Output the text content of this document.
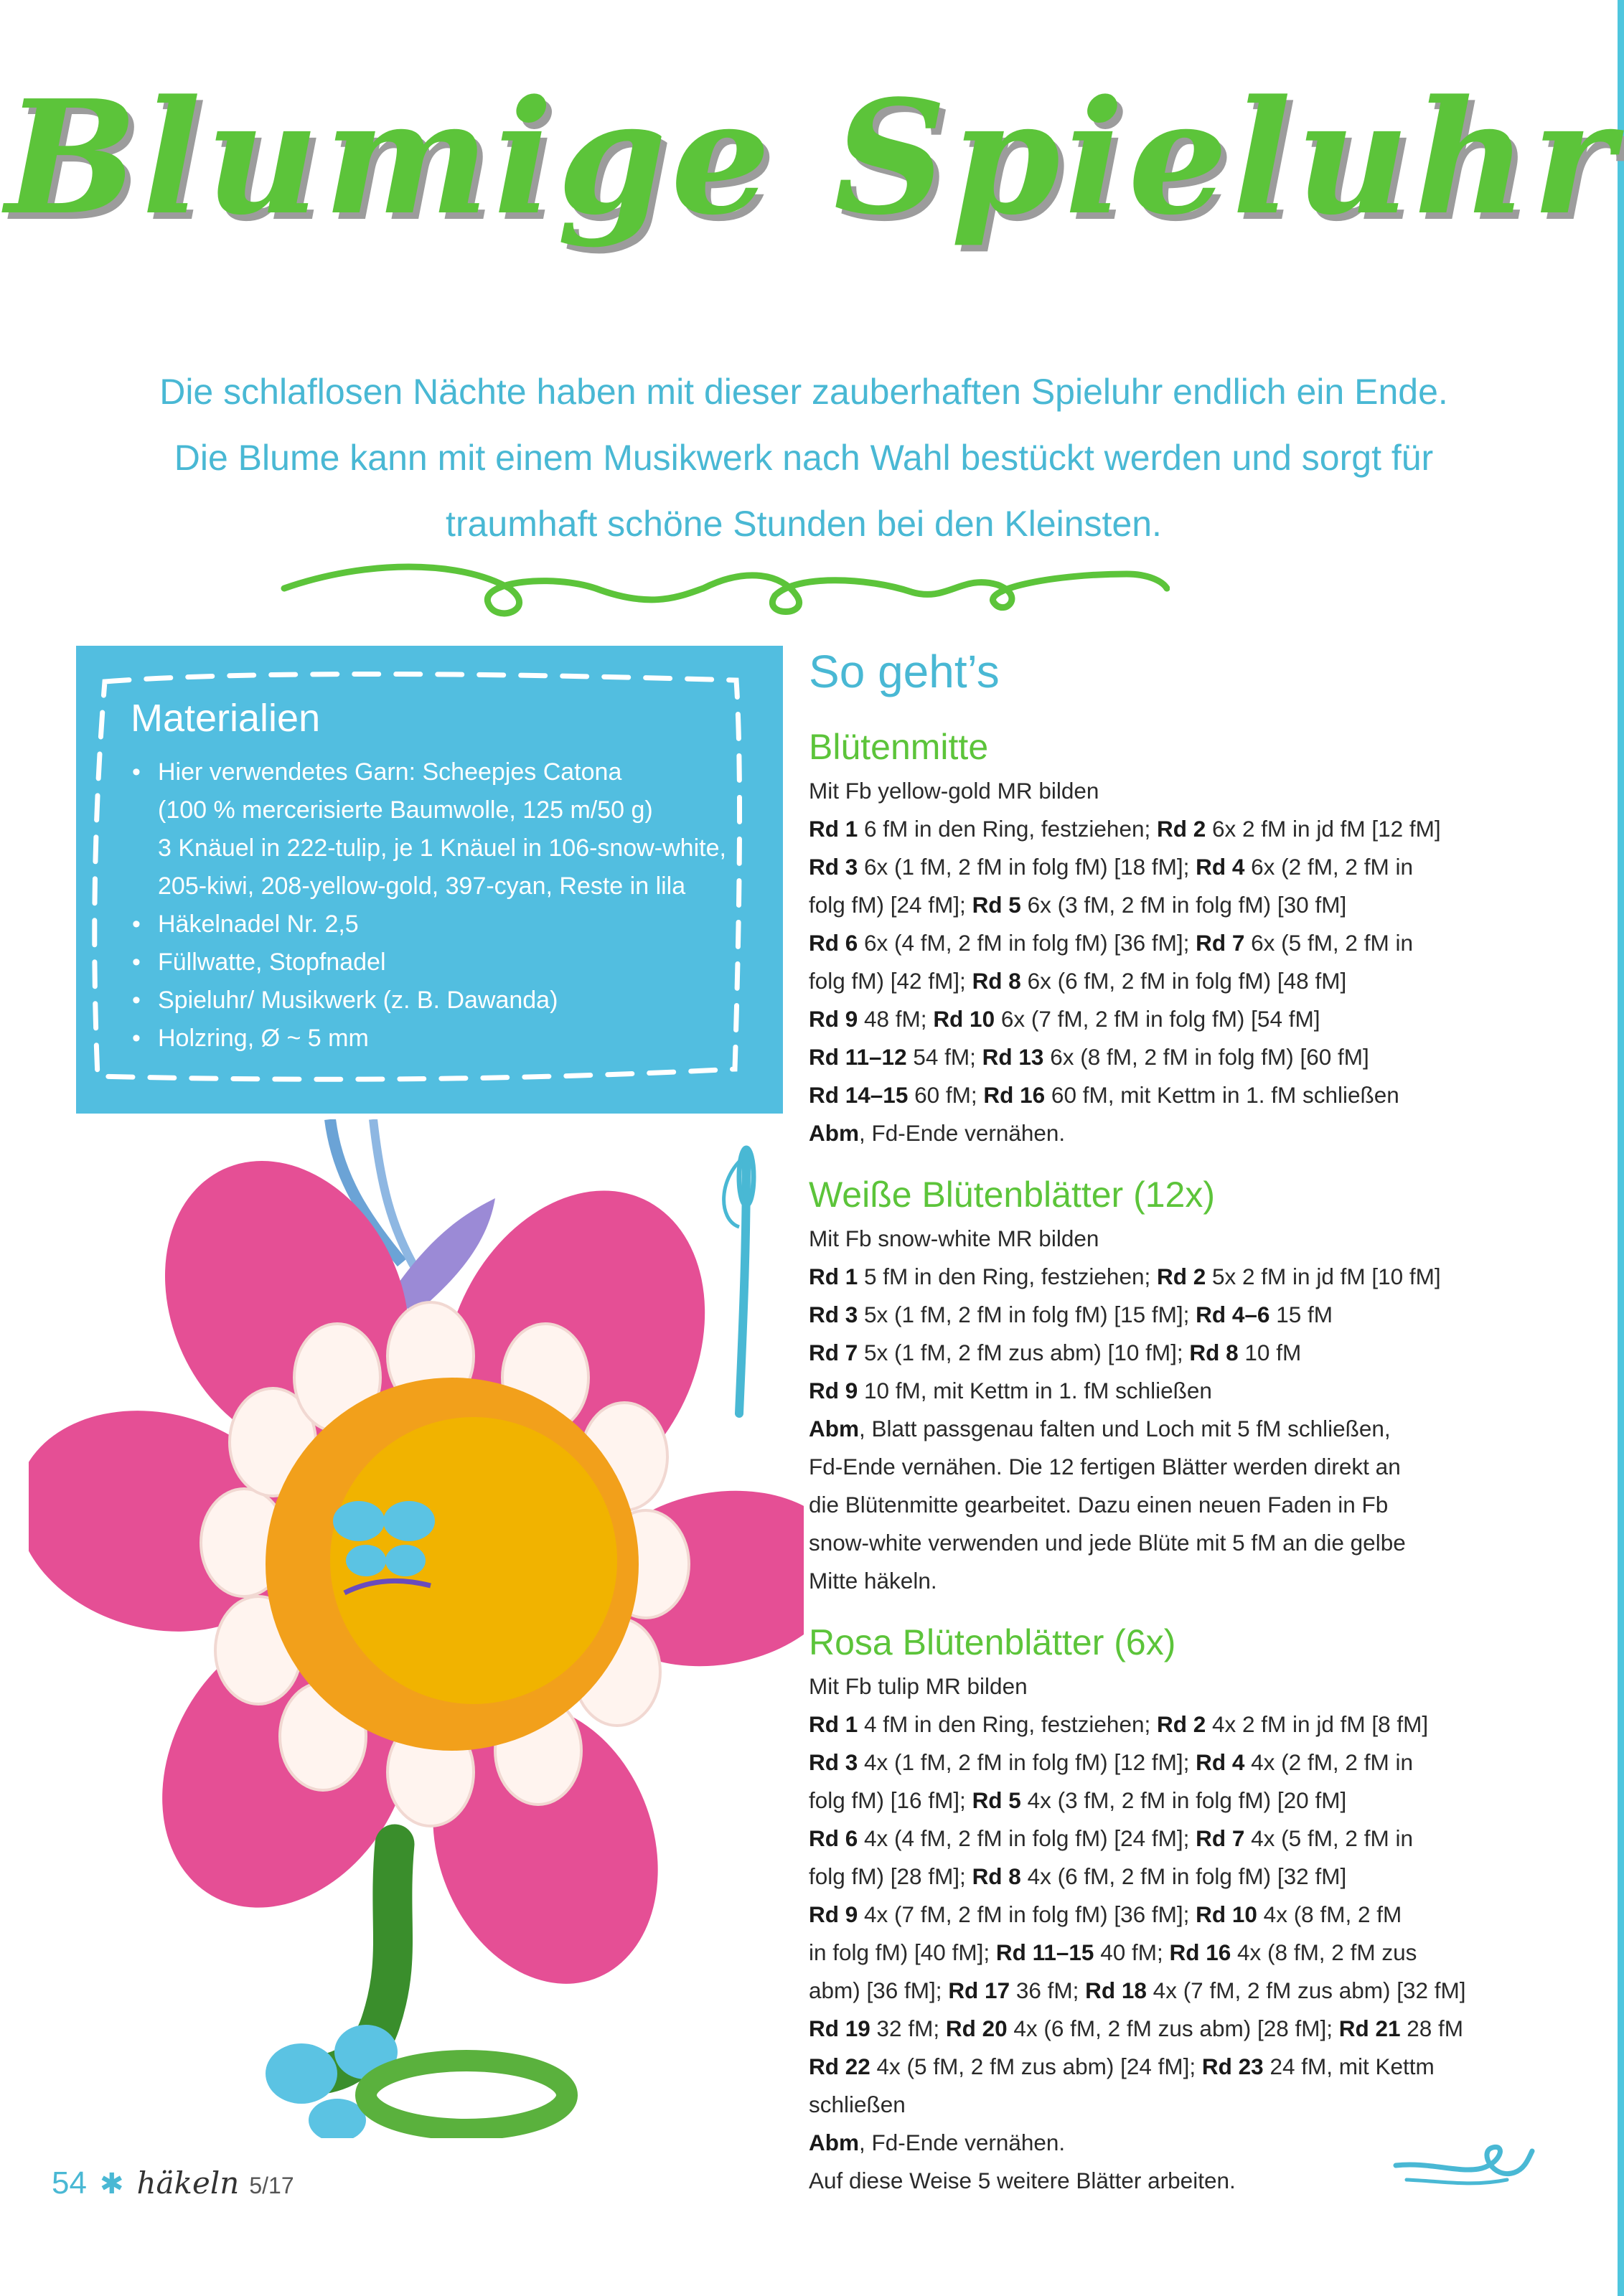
Blumige Spieluhr
Die schlaflosen Nächte haben mit dieser zauberhaften Spieluhr endlich ein Ende.
Die Blume kann mit einem Musikwerk nach Wahl bestückt werden und sorgt für
traumhaft schöne Stunden bei den Kleinsten.
Materialien
• Hier verwendetes Garn: Scheepjes Catona
(100 % mercerisierte Baumwolle, 125 m/50 g)
3 Knäuel in 222-tulip, je 1 Knäuel in 106-snow-white,
205-kiwi, 208-yellow-gold, 397-cyan, Reste in lila
• Häkelnadel Nr. 2,5
• Füllwatte, Stopfnadel
• Spieluhr/ Musikwerk (z. B. Dawanda)
• Holzring, Ø ~ 5 mm
So geht’s
Blütenmitte
Mit Fb yellow-gold MR bilden
Rd 1 6 fM in den Ring, festziehen; Rd 2 6x 2 fM in jd fM [12 fM]
Rd 3 6x (1 fM, 2 fM in folg fM) [18 fM]; Rd 4 6x (2 fM, 2 fM in
folg fM) [24 fM]; Rd 5 6x (3 fM, 2 fM in folg fM) [30 fM]
Rd 6 6x (4 fM, 2 fM in folg fM) [36 fM]; Rd 7 6x (5 fM, 2 fM in
folg fM) [42 fM]; Rd 8 6x (6 fM, 2 fM in folg fM) [48 fM]
Rd 9 48 fM; Rd 10 6x (7 fM, 2 fM in folg fM) [54 fM]
Rd 11–12 54 fM; Rd 13 6x (8 fM, 2 fM in folg fM) [60 fM]
Rd 14–15 60 fM; Rd 16 60 fM, mit Kettm in 1. fM schließen
Abm, Fd-Ende vernähen.
Weiße Blütenblätter (12x)
Mit Fb snow-white MR bilden
Rd 1 5 fM in den Ring, festziehen; Rd 2 5x 2 fM in jd fM [10 fM]
Rd 3 5x (1 fM, 2 fM in folg fM) [15 fM]; Rd 4–6 15 fM
Rd 7 5x (1 fM, 2 fM zus abm) [10 fM]; Rd 8 10 fM
Rd 9 10 fM, mit Kettm in 1. fM schließen
Abm, Blatt passgenau falten und Loch mit 5 fM schließen,
Fd-Ende vernähen. Die 12 fertigen Blätter werden direkt an
die Blütenmitte gearbeitet. Dazu einen neuen Faden in Fb
snow-white verwenden und jede Blüte mit 5 fM an die gelbe
Mitte häkeln.
Rosa Blütenblätter (6x)
Mit Fb tulip MR bilden
Rd 1 4 fM in den Ring, festziehen; Rd 2 4x 2 fM in jd fM [8 fM]
Rd 3 4x (1 fM, 2 fM in folg fM) [12 fM]; Rd 4 4x (2 fM, 2 fM in
folg fM) [16 fM]; Rd 5 4x (3 fM, 2 fM in folg fM) [20 fM]
Rd 6 4x (4 fM, 2 fM in folg fM) [24 fM]; Rd 7 4x (5 fM, 2 fM in
folg fM) [28 fM]; Rd 8 4x (6 fM, 2 fM in folg fM) [32 fM]
Rd 9 4x (7 fM, 2 fM in folg fM) [36 fM]; Rd 10 4x (8 fM, 2 fM
in folg fM) [40 fM]; Rd 11–15 40 fM; Rd 16 4x (8 fM, 2 fM zus
abm) [36 fM]; Rd 17 36 fM; Rd 18 4x (7 fM, 2 fM zus abm) [32 fM]
Rd 19 32 fM; Rd 20 4x (6 fM, 2 fM zus abm) [28 fM]; Rd 21 28 fM
Rd 22 4x (5 fM, 2 fM zus abm) [24 fM]; Rd 23 24 fM, mit Kettm
schließen
Abm, Fd-Ende vernähen.
Auf diese Weise 5 weitere Blätter arbeiten.
54 ✱ häkeln 5/17
